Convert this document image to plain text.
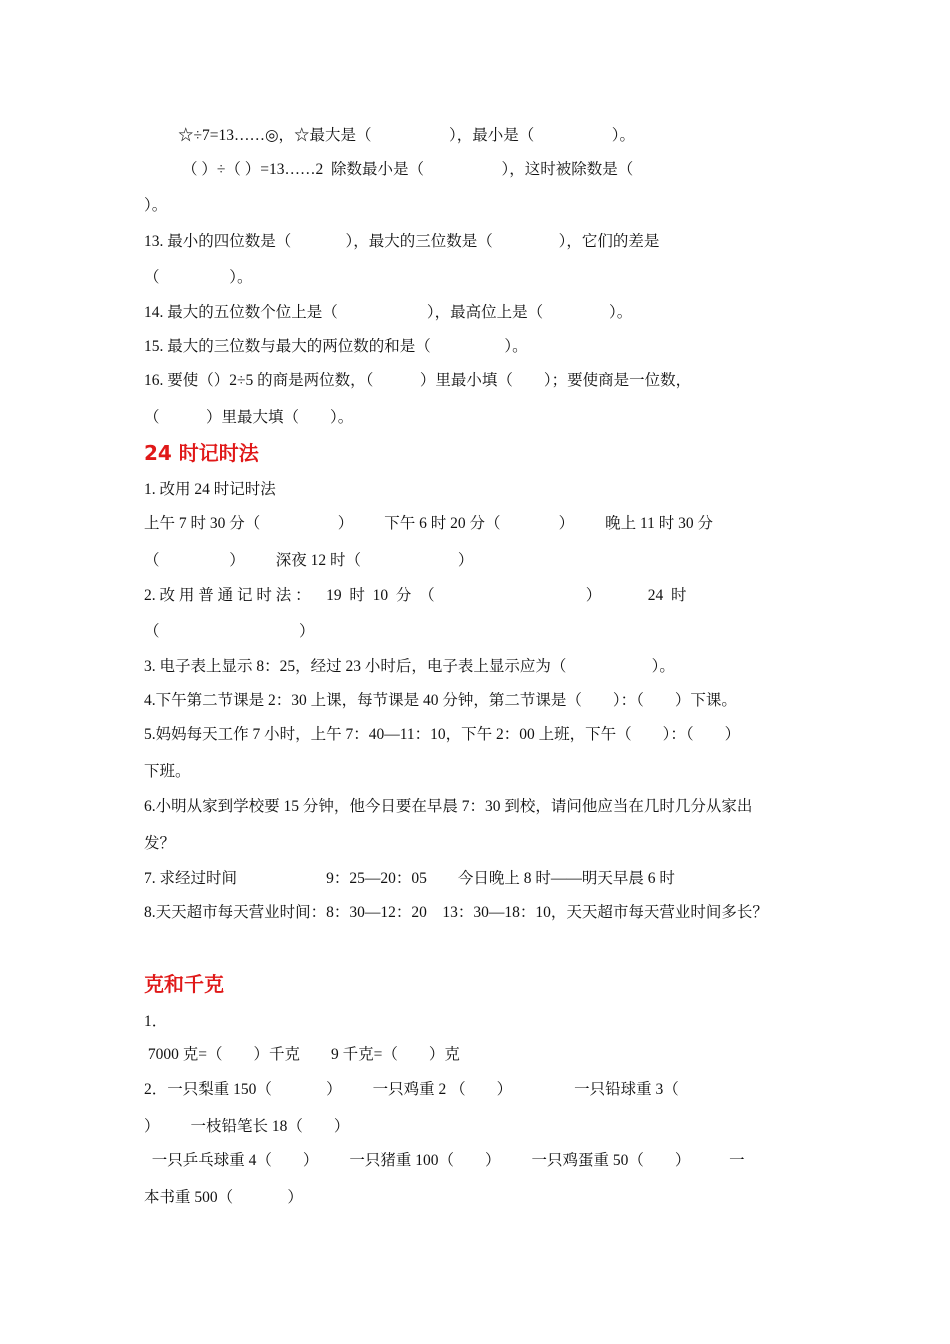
☆÷7=13……◎，☆最大是（                    ），最小是（                    ）。
（ ）÷（ ）=13……2  除数最小是（                    ），这时被除数是（
）。
13. 最小的四位数是（              ），最大的三位数是（                 ），它们的差是
（                  ）。
14. 最大的五位数个位上是（                       ），最高位上是（                 ）。
15. 最大的三位数与最大的两位数的和是（                   ）。
16. 要使（）2÷5 的商是两位数，（            ）里最小填（        ）；要使商是一位数，
（            ）里最大填（        ）。
24 时记时法
1. 改用 24 时记时法
上午 7 时 30 分（                    ）        下午 6 时 20 分（               ）        晚上 11 时 30 分
（                  ）        深夜 12 时（                         ）
2. 改 用 普 通 记 时 法 ：    19  时  10  分  （                                       ）            24  时
（                                    ）
3. 电子表上显示 8：25，经过 23 小时后，电子表上显示应为（                      ）。
4.下午第二节课是 2：30 上课，每节课是 40 分钟，第二节课是（        ）：（        ）下课。
5.妈妈每天工作 7 小时，上午 7：40—11：10，下午 2：00 上班，下午（        ）：（        ）
下班。
6.小明从家到学校要 15 分钟，他今日要在早晨 7：30 到校，请问他应当在几时几分从家出
发？
7. 求经过时间                       9：25—20：05        今日晚上 8 时——明天早晨 6 时
8.天天超市每天营业时间：8：30—12：20    13：30—18：10，天天超市每天营业时间多长？
克和千克
1．
7000 克=（        ）千克        9 千克=（        ）克
2．一只梨重 150（              ）        一只鸡重 2 （        ）                一只铅球重 3（
）        一枝铅笔长 18（        ）
一只乒乓球重 4（        ）        一只猪重 100（        ）        一只鸡蛋重 50（        ）          一
本书重 500（              ）
